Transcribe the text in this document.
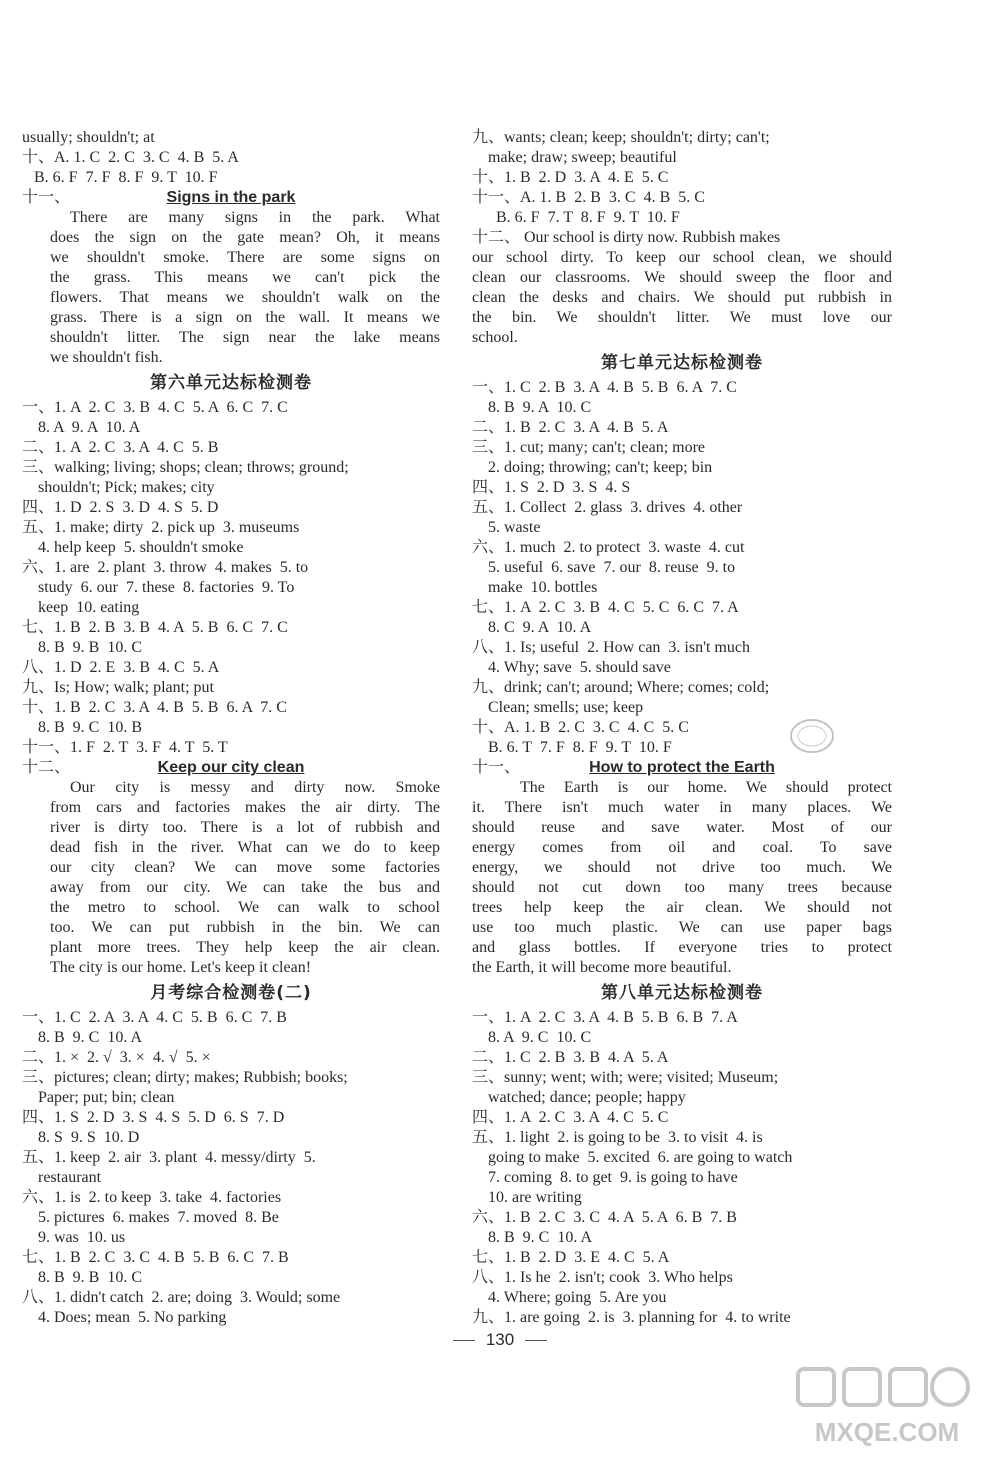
usually; shouldn't; at
十、A. 1. C  2. C  3. C  4. B  5. A
B. 6. F  7. F  8. F  9. T  10. F
十一、	Signs in the park
There are many signs in the park. What
does the sign on the gate mean? Oh, it means
we shouldn't smoke. There are some signs on
the grass. This means we can't pick the
flowers. That means we shouldn't walk on the
grass. There is a sign on the wall. It means we
shouldn't litter. The sign near the lake means
we shouldn't fish.
第六单元达标检测卷
一、1. A  2. C  3. B  4. C  5. A  6. C  7. C
8. A  9. A  10. A
二、1. A  2. C  3. A  4. C  5. B
三、walking; living; shops; clean; throws; ground;
shouldn't; Pick; makes; city
四、1. D  2. S  3. D  4. S  5. D
五、1. make; dirty  2. pick up  3. museums
4. help keep  5. shouldn't smoke
六、1. are  2. plant  3. throw  4. makes  5. to
study  6. our  7. these  8. factories  9. To
keep  10. eating
七、1. B  2. B  3. B  4. A  5. B  6. C  7. C
8. B  9. B  10. C
八、1. D  2. E  3. B  4. C  5. A
九、Is; How; walk; plant; put
十、1. B  2. C  3. A  4. B  5. B  6. A  7. C
8. B  9. C  10. B
十一、1. F  2. T  3. F  4. T  5. T
十二、	Keep our city clean
Our city is messy and dirty now. Smoke
from cars and factories makes the air dirty. The
river is dirty too. There is a lot of rubbish and
dead fish in the river. What can we do to keep
our city clean? We can move some factories
away from our city. We can take the bus and
the metro to school. We can walk to school
too. We can put rubbish in the bin. We can
plant more trees. They help keep the air clean.
The city is our home. Let's keep it clean!
月考综合检测卷(二)
一、1. C  2. A  3. A  4. C  5. B  6. C  7. B
8. B  9. C  10. A
二、1. ×  2. √  3. ×  4. √  5. ×
三、pictures; clean; dirty; makes; Rubbish; books;
Paper; put; bin; clean
四、1. S  2. D  3. S  4. S  5. D  6. S  7. D
8. S  9. S  10. D
五、1. keep  2. air  3. plant  4. messy/dirty  5.
restaurant
六、1. is  2. to keep  3. take  4. factories
5. pictures  6. makes  7. moved  8. Be
9. was  10. us
七、1. B  2. C  3. C  4. B  5. B  6. C  7. B
8. B  9. B  10. C
八、1. didn't catch  2. are; doing  3. Would; some
4. Does; mean  5. No parking
九、wants; clean; keep; shouldn't; dirty; can't;
make; draw; sweep; beautiful
十、1. B  2. D  3. A  4. E  5. C
十一、A. 1. B  2. B  3. C  4. B  5. C
B. 6. F  7. T  8. F  9. T  10. F
十二、 Our school is dirty now. Rubbish makes
our school dirty. To keep our school clean, we should
clean our classrooms. We should sweep the floor and
clean the desks and chairs. We should put rubbish in
the bin. We shouldn't litter. We must love our
school.
第七单元达标检测卷
一、1. C  2. B  3. A  4. B  5. B  6. A  7. C
8. B  9. A  10. C
二、1. B  2. C  3. A  4. B  5. A
三、1. cut; many; can't; clean; more
2. doing; throwing; can't; keep; bin
四、1. S  2. D  3. S  4. S
五、1. Collect  2. glass  3. drives  4. other
5. waste
六、1. much  2. to protect  3. waste  4. cut
5. useful  6. save  7. our  8. reuse  9. to
make  10. bottles
七、1. A  2. C  3. B  4. C  5. C  6. C  7. A
8. C  9. A  10. A
八、1. Is; useful  2. How can  3. isn't much
4. Why; save  5. should save
九、drink; can't; around; Where; comes; cold;
Clean; smells; use; keep
十、A. 1. B  2. C  3. C  4. C  5. C
B. 6. T  7. F  8. F  9. T  10. F
十一、	How to protect the Earth
The Earth is our home. We should protect
it. There isn't much water in many places. We
should reuse and save water. Most of our
energy comes from oil and coal. To save
energy, we should not drive too much. We
should not cut down too many trees because
trees help keep the air clean. We should not
use too much plastic. We can use paper bags
and glass bottles. If everyone tries to protect
the Earth, it will become more beautiful.
第八单元达标检测卷
一、1. A  2. C  3. A  4. B  5. B  6. B  7. A
8. A  9. C  10. C
二、1. C  2. B  3. B  4. A  5. A
三、sunny; went; with; were; visited; Museum;
watched; dance; people; happy
四、1. A  2. C  3. A  4. C  5. C
五、1. light  2. is going to be  3. to visit  4. is
going to make  5. excited  6. are going to watch
7. coming  8. to get  9. is going to have
10. are writing
六、1. B  2. C  3. C  4. A  5. A  6. B  7. B
8. B  9. C  10. A
七、1. B  2. D  3. E  4. C  5. A
八、1. Is he  2. isn't; cook  3. Who helps
4. Where; going  5. Are you
九、1. are going  2. is  3. planning for  4. to write
130
MXQE.COM
